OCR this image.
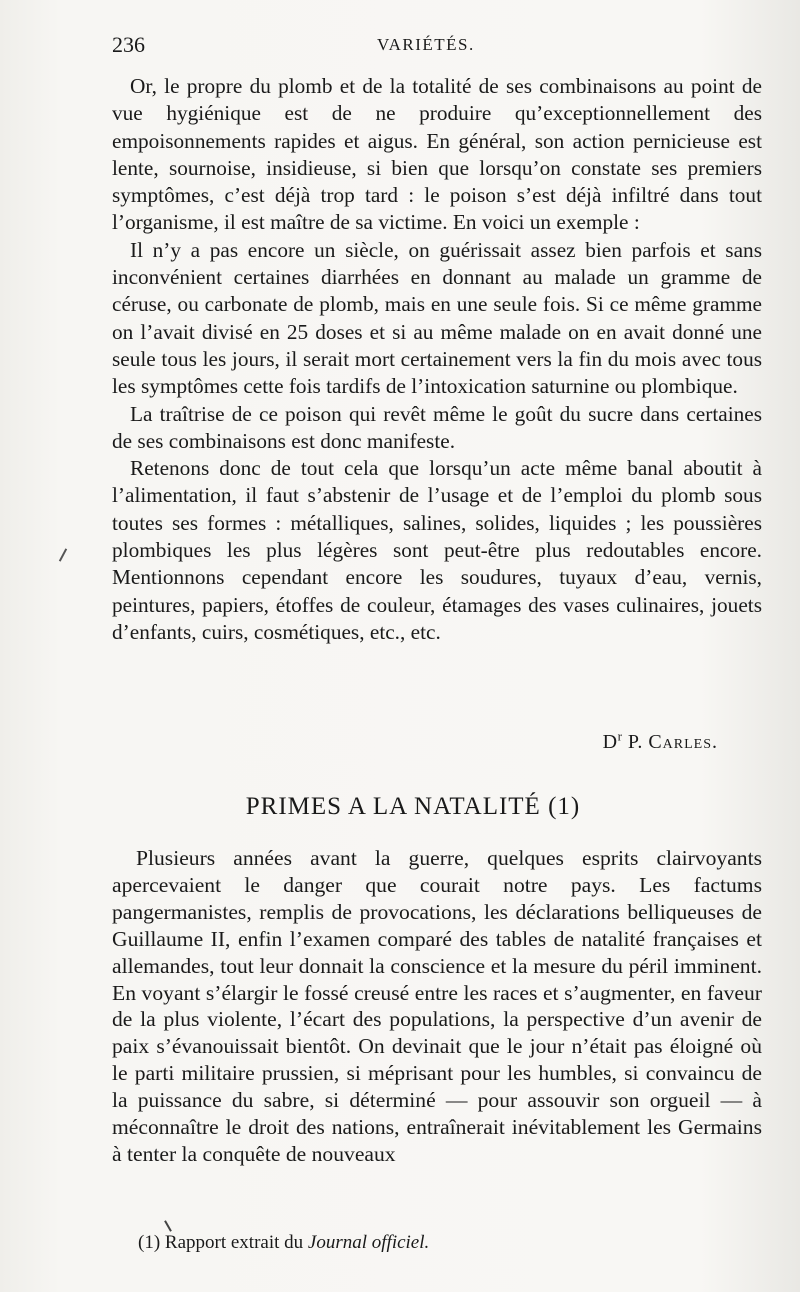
236	VARIÉTÉS.

Or, le propre du plomb et de la totalité de ses combinaisons au point de vue hygiénique est de ne produire qu’exceptionnellement des empoisonnements rapides et aigus. En général, son action pernicieuse est lente, sournoise, insidieuse, si bien que lorsqu’on constate ses premiers symptômes, c’est déjà trop tard : le poison s’est déjà infiltré dans tout l’organisme, il est maître de sa victime. En voici un exemple :

Il n’y a pas encore un siècle, on guérissait assez bien parfois et sans inconvénient certaines diarrhées en donnant au malade un gramme de céruse, ou carbonate de plomb, mais en une seule fois. Si ce même gramme on l’avait divisé en 25 doses et si au même malade on en avait donné une seule tous les jours, il serait mort certainement vers la fin du mois avec tous les symptômes cette fois tardifs de l’intoxication saturnine ou plombique.

La traîtrise de ce poison qui revêt même le goût du sucre dans certaines de ses combinaisons est donc manifeste.

Retenons donc de tout cela que lorsqu’un acte même banal aboutit à l’alimentation, il faut s’abstenir de l’usage et de l’emploi du plomb sous toutes ses formes : métalliques, salines, solides, liquides ; les poussières plombiques les plus légères sont peut-être plus redoutables encore. Mentionnons cependant encore les soudures, tuyaux d’eau, vernis, peintures, papiers, étoffes de couleur, étamages des vases culinaires, jouets d’enfants, cuirs, cosmétiques, etc., etc.

$D^r$ P. Carles.
PRIMES A LA NATALITÉ (1)

Plusieurs années avant la guerre, quelques esprits clairvoyants apercevaient le danger que courait notre pays. Les factums pangermanistes, remplis de provocations, les déclarations belliqueuses de Guillaume II, enfin l’examen comparé des tables de natalité françaises et allemandes, tout leur donnait la conscience et la mesure du péril imminent. En voyant s’élargir le fossé creusé entre les races et s’augmenter, en faveur de la plus violente, l’écart des populations, la perspective d’un avenir de paix s’évanouissait bientôt. On devinait que le jour n’était pas éloigné où le parti militaire prussien, si méprisant pour les humbles, si convaincu de la puissance du sabre, si déterminé — pour assouvir son orgueil — à méconnaître le droit des nations, entraînerait inévitablement les Germains à tenter la conquête de nouveaux

(1) Rapport extrait du Journal officiel.
